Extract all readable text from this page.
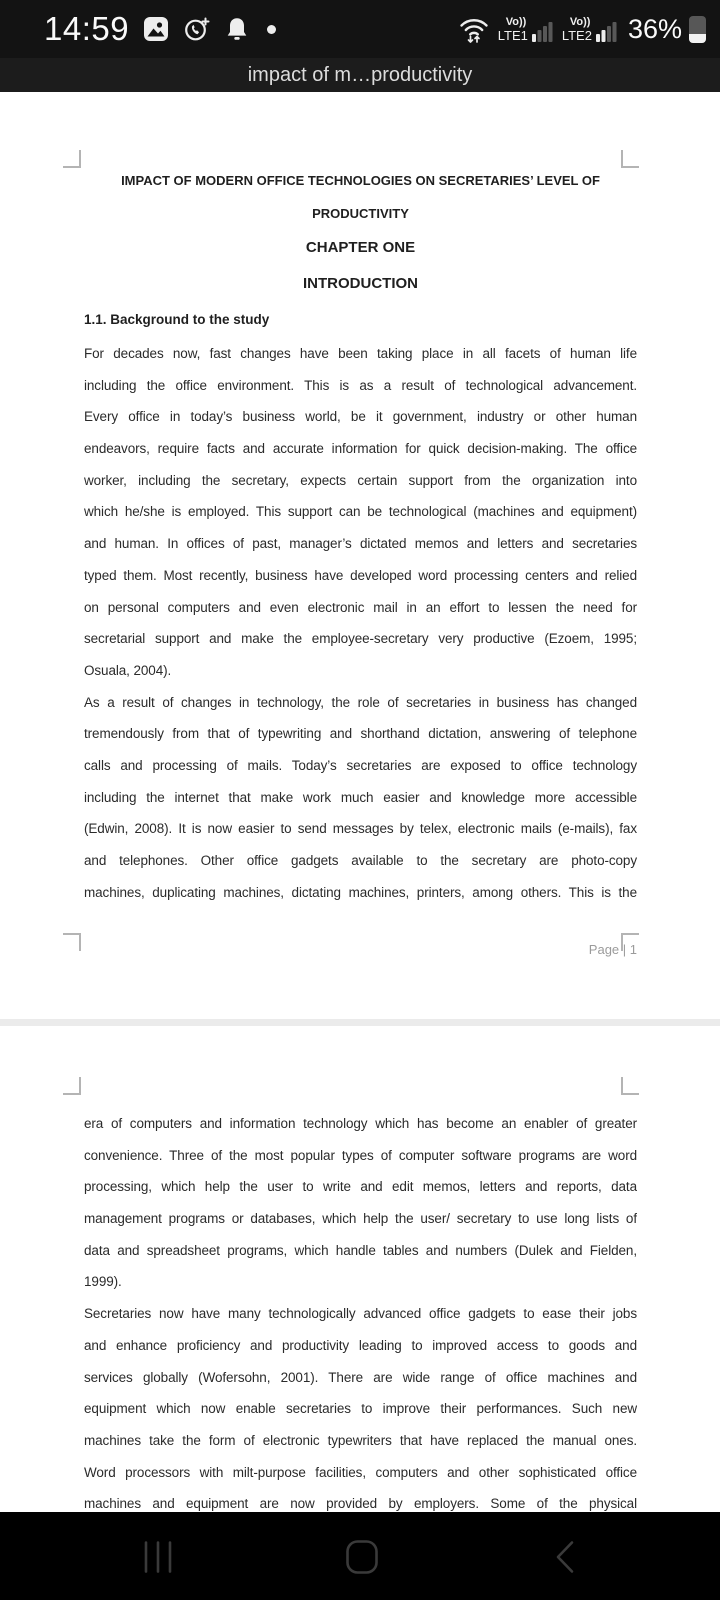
14:59	Vo))
LTE1
Vo))
LTE2 36%
impact of m…productivity
IMPACT OF MODERN OFFICE TECHNOLOGIES ON SECRETARIES’ LEVEL OF
PRODUCTIVITY
CHAPTER ONE
INTRODUCTION
1.1. Background to the study
For decades now, fast changes have been taking place in all facets of human life
including the office environment. This is as a result of technological advancement.
Every office in today’s business world, be it government, industry or other human
endeavors, require facts and accurate information for quick decision-making. The office
worker, including the secretary, expects certain support from the organization into
which he/she is employed. This support can be technological (machines and equipment)
and human. In offices of past, manager’s dictated memos and letters and secretaries
typed them. Most recently, business have developed word processing centers and relied
on personal computers and even electronic mail in an effort to lessen the need for
secretarial support and make the employee-secretary very productive (Ezoem, 1995;
Osuala, 2004).
As a result of changes in technology, the role of secretaries in business has changed
tremendously from that of typewriting and shorthand dictation, answering of telephone
calls and processing of mails. Today’s secretaries are exposed to office technology
including the internet that make work much easier and knowledge more accessible
(Edwin, 2008). It is now easier to send messages by telex, electronic mails (e-mails), fax
and telephones. Other office gadgets available to the secretary are photo-copy
machines, duplicating machines, dictating machines, printers, among others. This is the
Page | 1
era of computers and information technology which has become an enabler of greater
convenience. Three of the most popular types of computer software programs are word
processing, which help the user to write and edit memos, letters and reports, data
management programs or databases, which help the user/ secretary to use long lists of
data and spreadsheet programs, which handle tables and numbers (Dulek and Fielden,
1999).
Secretaries now have many technologically advanced office gadgets to ease their jobs
and enhance proficiency and productivity leading to improved access to goods and
services globally (Wofersohn, 2001). There are wide range of office machines and
equipment which now enable secretaries to improve their performances. Such new
machines take the form of electronic typewriters that have replaced the manual ones.
Word processors with milt-purpose facilities, computers and other sophisticated office
machines and equipment are now provided by employers. Some of the physical
